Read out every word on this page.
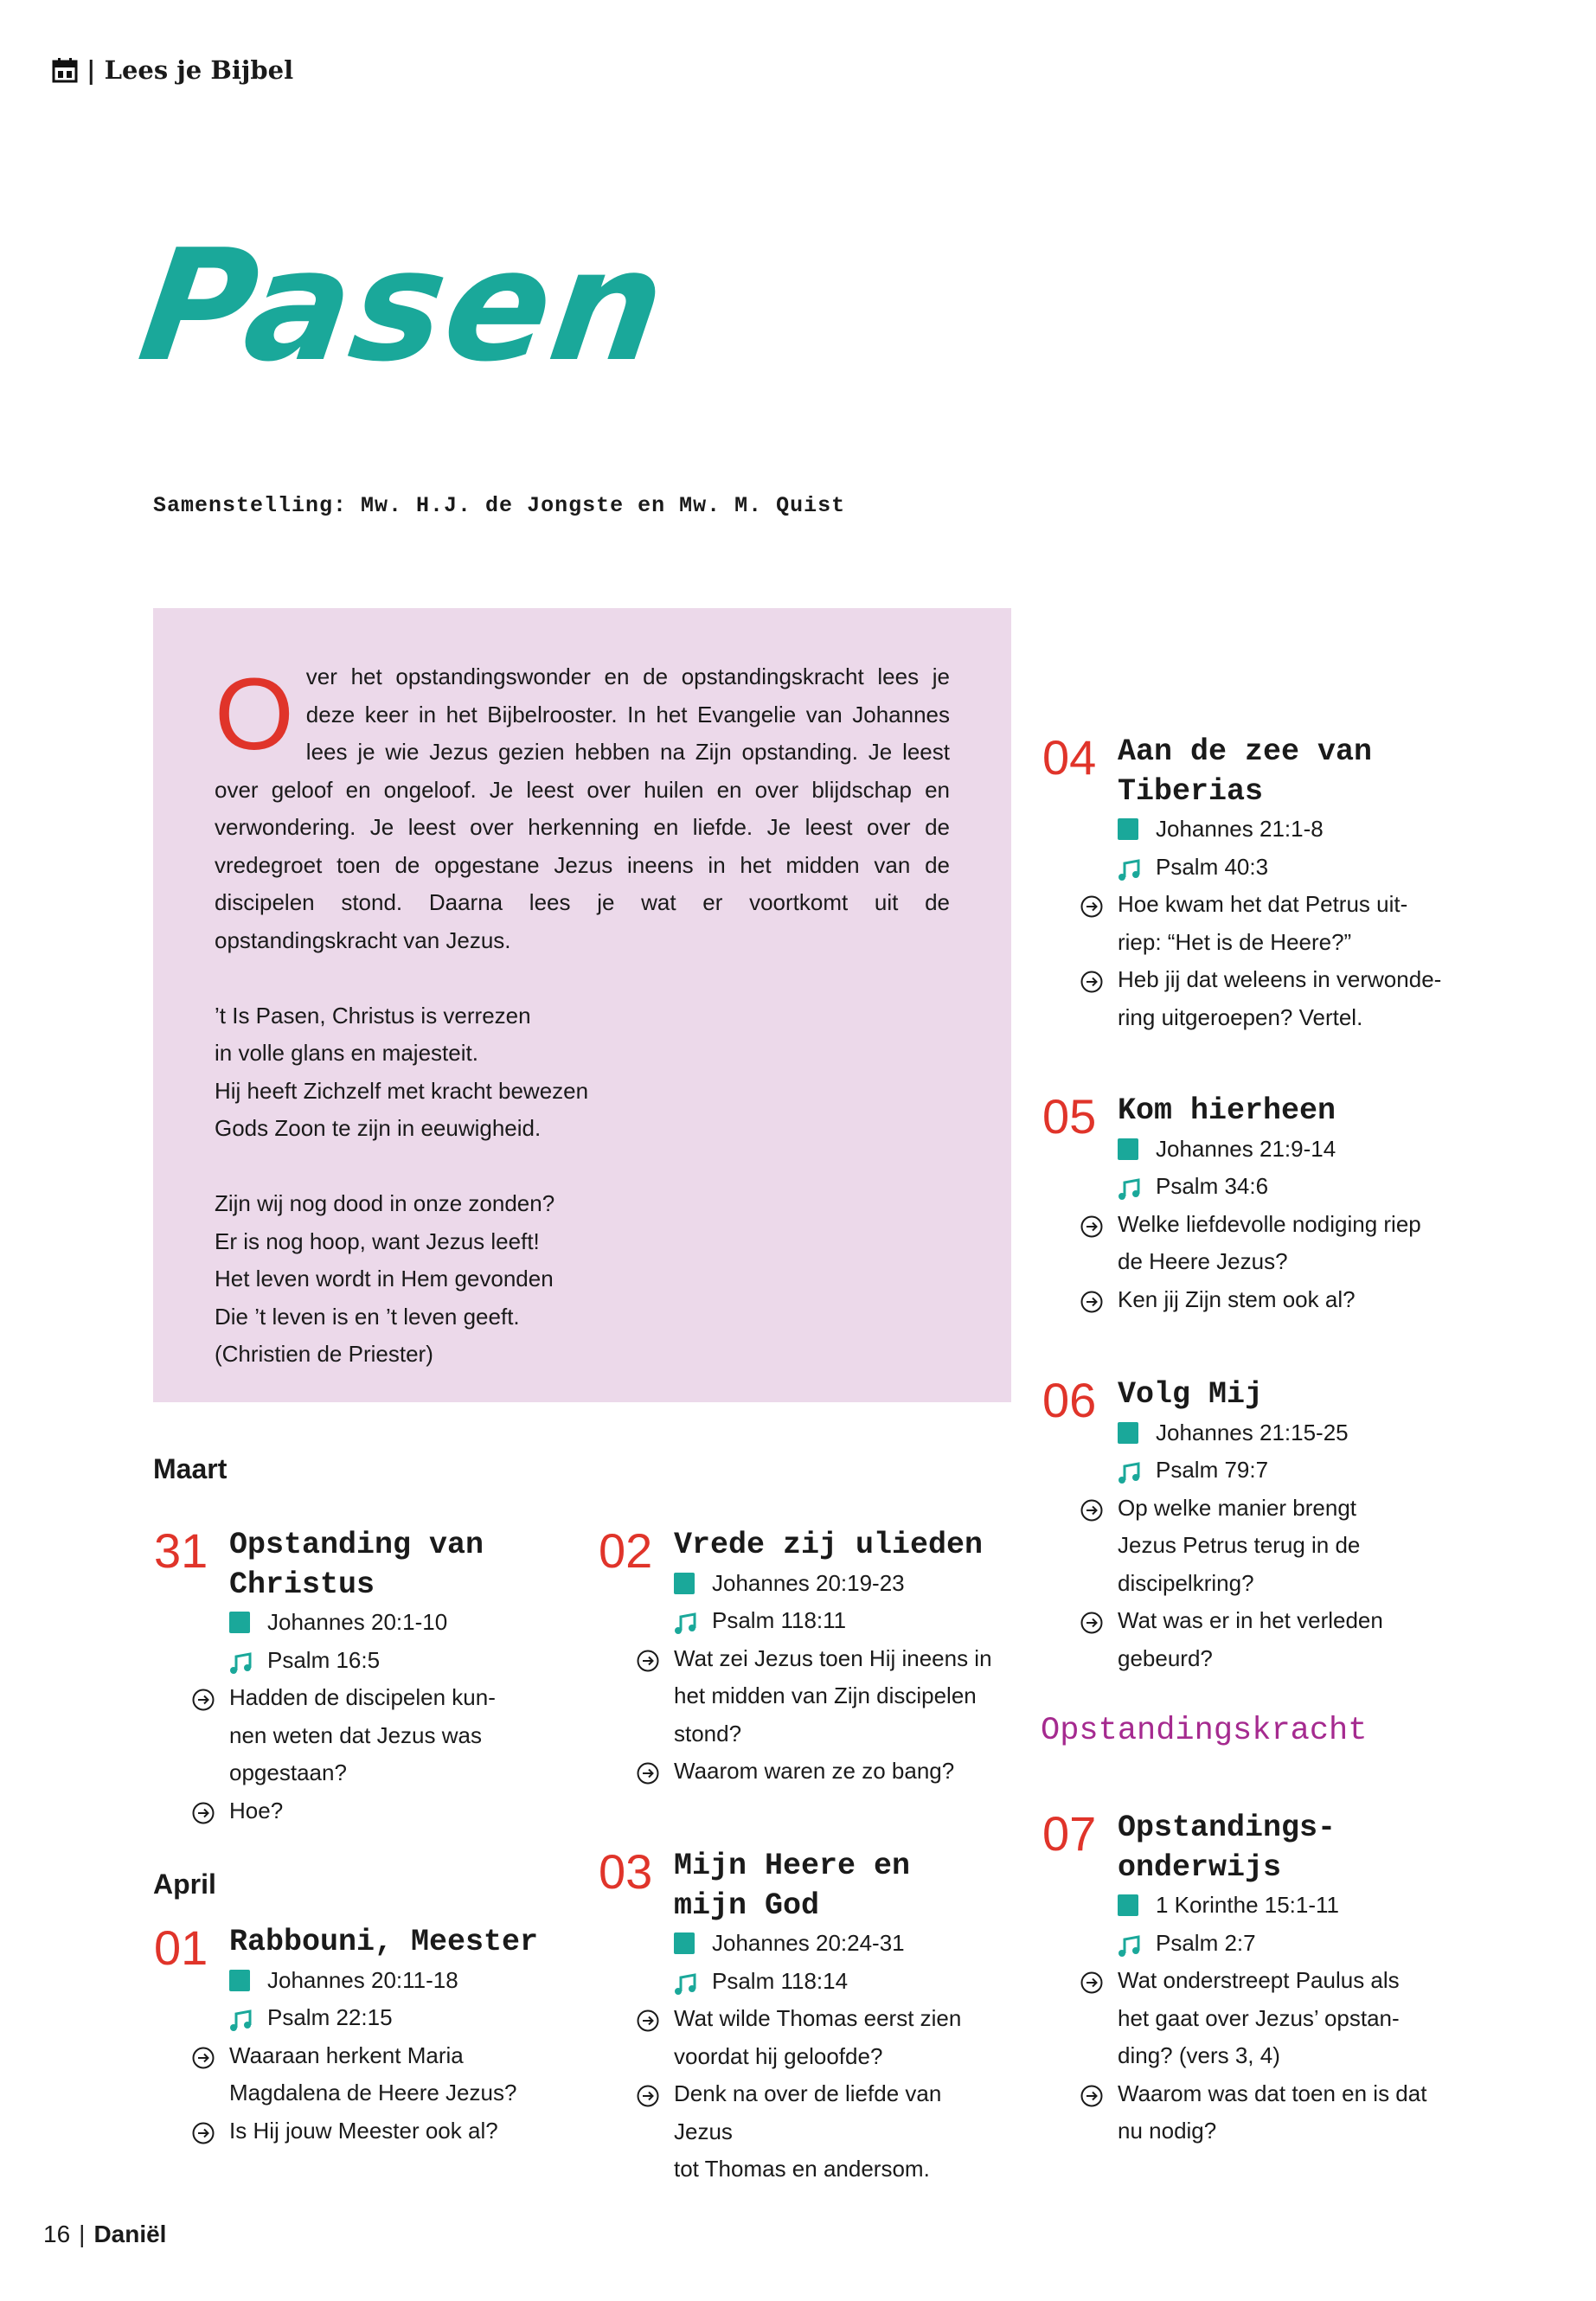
| Lees je Bijbel
Pasen
Samenstelling: Mw. H.J. de Jongste en Mw. M. Quist

Over het opstandingswonder en de opstandingskracht lees je deze keer in het Bijbelrooster. In het Evangelie van Johannes lees je wie Jezus gezien hebben na Zijn opstanding. Je leest over geloof en ongeloof. Je leest over huilen en over blijdschap en verwondering. Je leest over herkenning en liefde. Je leest over de vredegroet toen de opgestane Jezus ineens in het midden van de discipelen stond. Daarna lees je wat er voortkomt uit de opstandingskracht van Jezus.

’t Is Pasen, Christus is verrezen
in volle glans en majesteit.
Hij heeft Zichzelf met kracht bewezen
Gods Zoon te zijn in eeuwigheid.
Zijn wij nog dood in onze zonden?
Er is nog hoop, want Jezus leeft!
Het leven wordt in Hem gevonden
Die ’t leven is en ’t leven geeft.
(Christien de Priester)
Maart
April
Opstandingskracht
31 Opstanding van
Christus
Johannes 20:1-10
Psalm 16:5
Hadden de discipelen kun-
nen weten dat Jezus was
opgestaan?
Hoe?
01 Rabbouni, Meester
Johannes 20:11-18
Psalm 22:15
Waaraan herkent Maria
Magdalena de Heere Jezus?
Is Hij jouw Meester ook al?
02 Vrede zij ulieden
Johannes 20:19-23
Psalm 118:11
Wat zei Jezus toen Hij ineens in
het midden van Zijn discipelen
stond?
Waarom waren ze zo bang?
03 Mijn Heere en
mijn God
Johannes 20:24-31
Psalm 118:14
Wat wilde Thomas eerst zien
voordat hij geloofde?
Denk na over de liefde van Jezus
tot Thomas en andersom.
04 Aan de zee van
Tiberias
Johannes 21:1-8
Psalm 40:3
Hoe kwam het dat Petrus uit-
riep: “Het is de Heere?”
Heb jij dat weleens in verwonde-
ring uitgeroepen? Vertel.
05 Kom hierheen
Johannes 21:9-14
Psalm 34:6
Welke liefdevolle nodiging riep
de Heere Jezus?
Ken jij Zijn stem ook al?
06 Volg Mij
Johannes 21:15-25
Psalm 79:7
Op welke manier brengt
Jezus Petrus terug in de
discipelkring?
Wat was er in het verleden
gebeurd?
07 Opstandings-
onderwijs
1 Korinthe 15:1-11
Psalm 2:7
Wat onderstreept Paulus als
het gaat over Jezus’ opstan-
ding? (vers 3, 4)
Waarom was dat toen en is dat
nu nodig?
16 | Daniël
